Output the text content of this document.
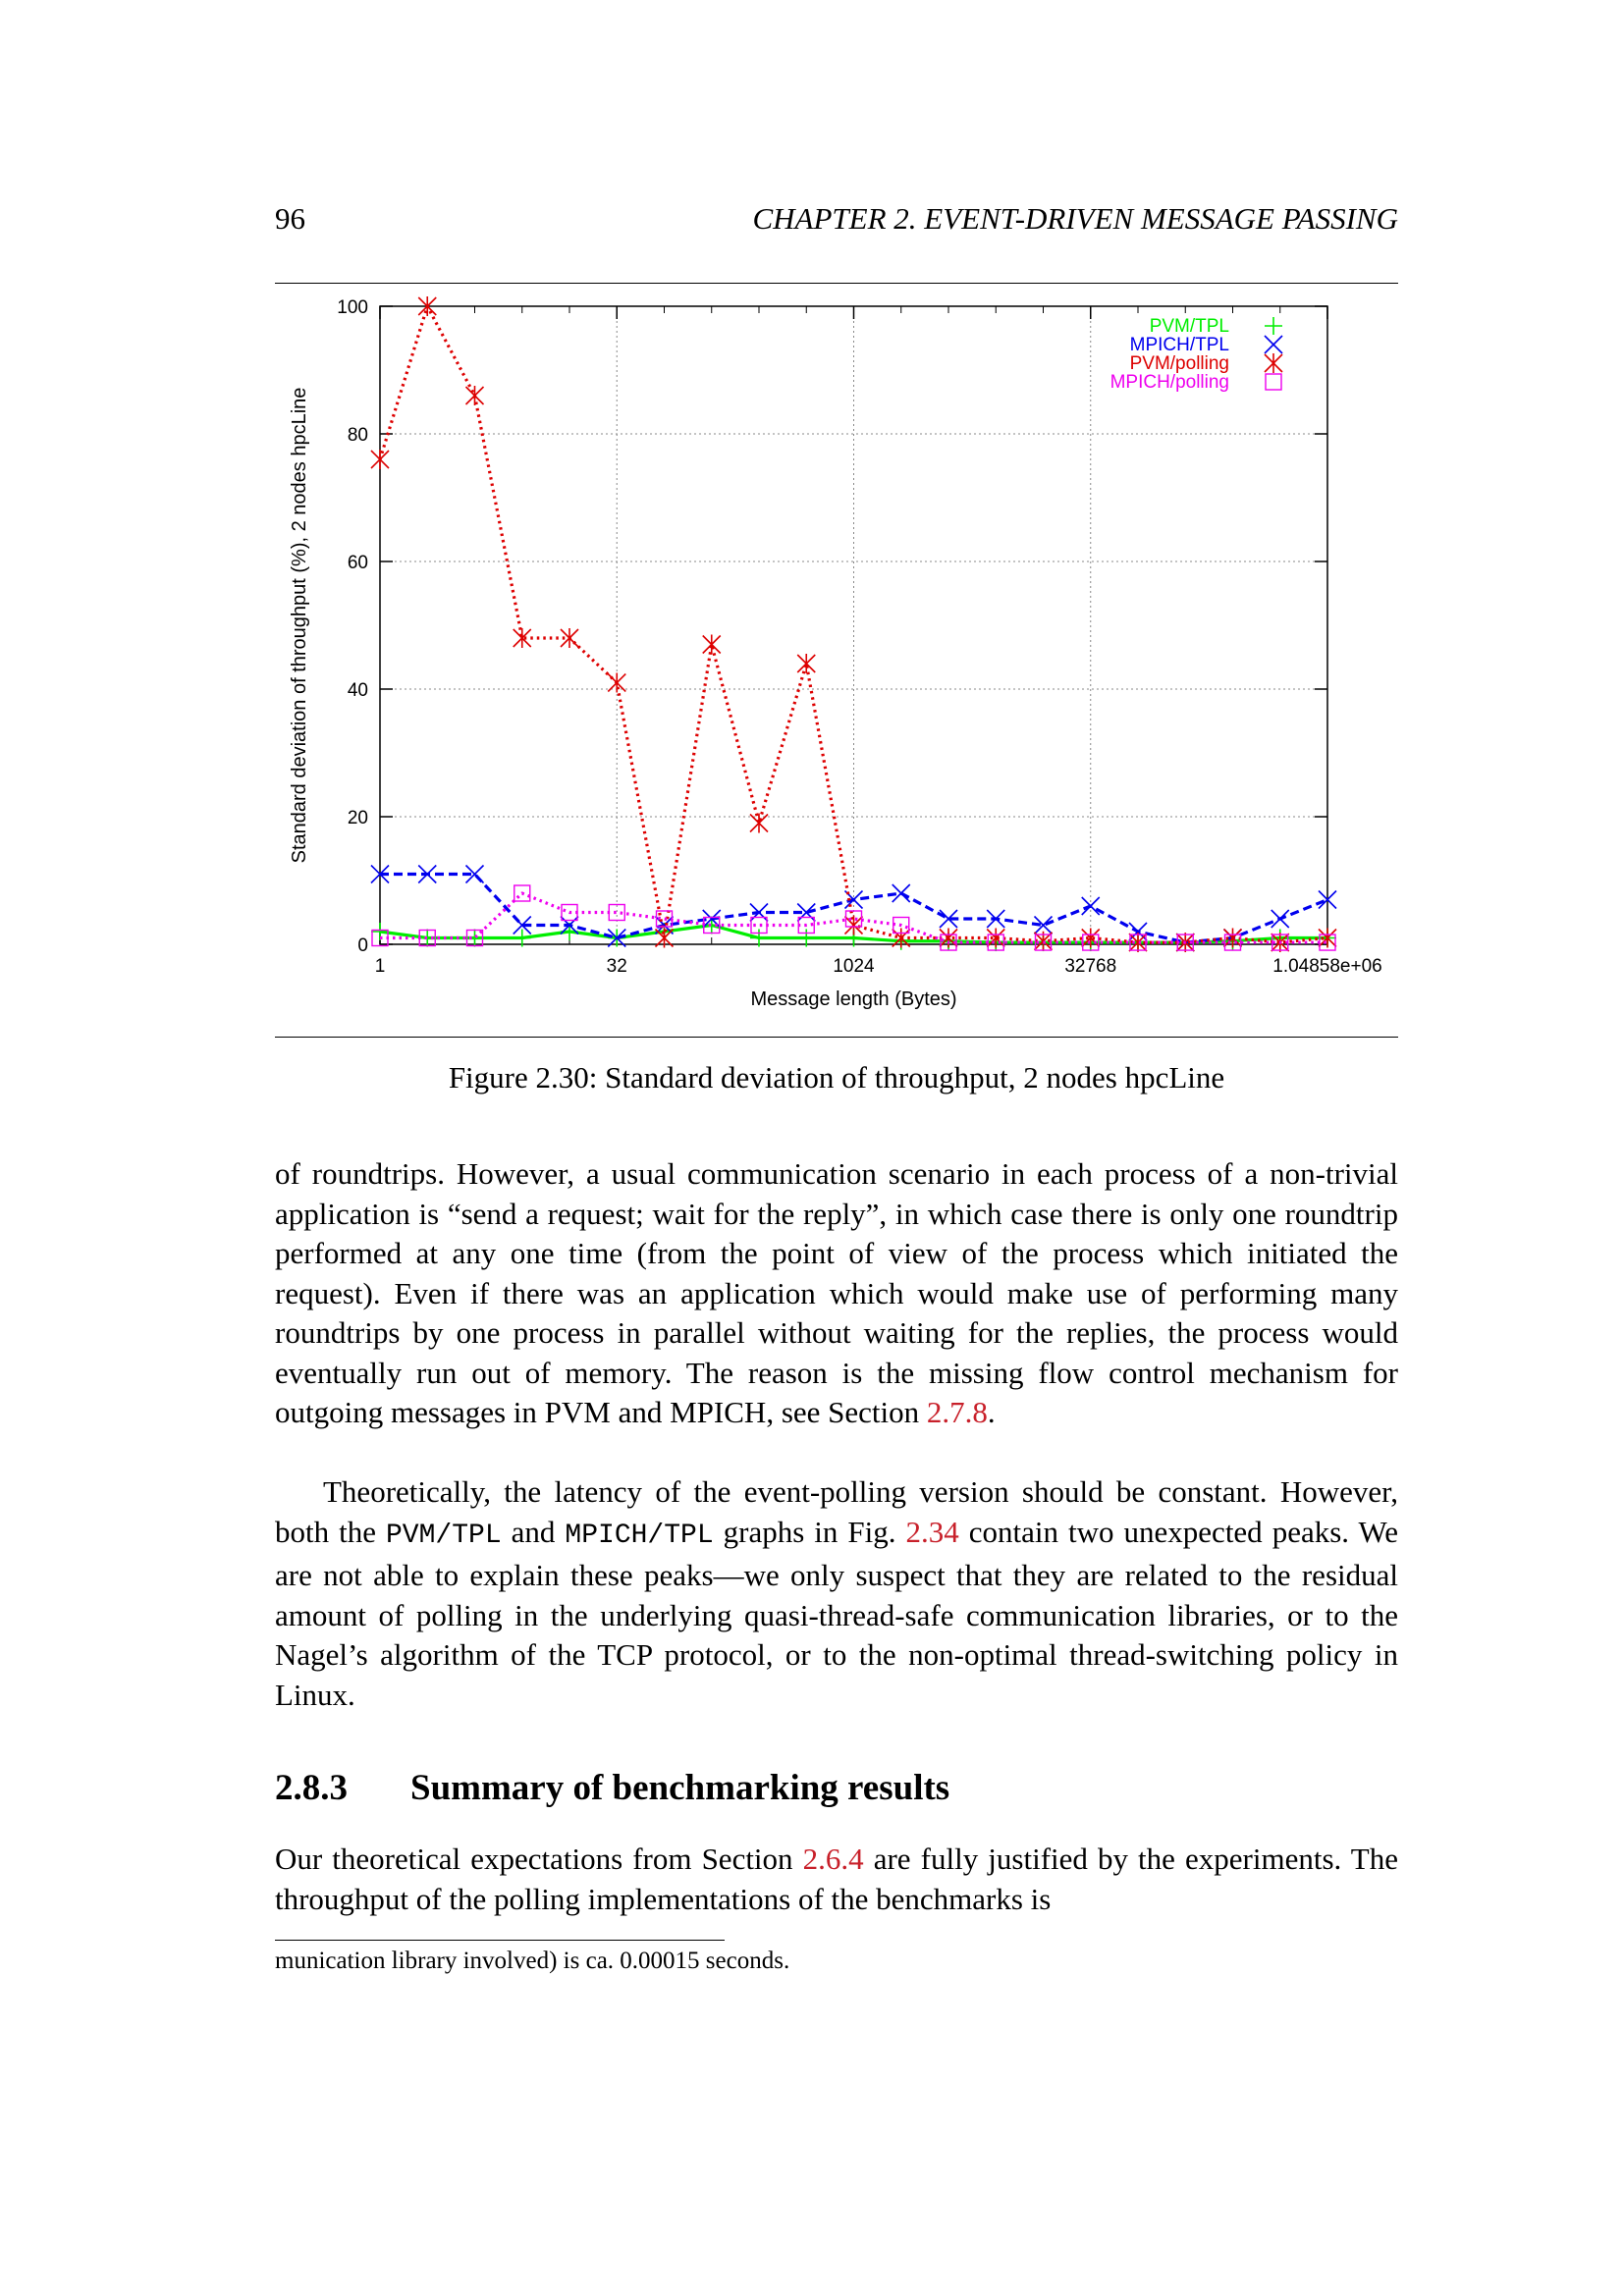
96	CHAPTER 2. EVENT-DRIVEN MESSAGE PASSING
1	32	1024	32768	1.04858e+06
0
20
40
60
80
100
Message length (Bytes)
Standard deviation of throughput (%), 2 nodes hpcLine
PVM/TPL
MPICH/TPL
PVM/polling
MPICH/polling
Figure 2.30: Standard deviation of throughput, 2 nodes hpcLine

of roundtrips. However, a usual communication scenario in each process of a non-trivial application is “send a request; wait for the reply”, in which case there is only one roundtrip performed at any one time (from the point of view of the process which initiated the request). Even if there was an application which would make use of performing many roundtrips by one process in parallel without waiting for the replies, the process would eventually run out of memory. The reason is the missing flow control mechanism for outgoing messages in PVM and MPICH, see Section 2.7.8.

Theoretically, the latency of the event-polling version should be constant. However, both the PVM/TPL and MPICH/TPL graphs in Fig. 2.34 contain two unexpected peaks. We are not able to explain these peaks—we only suspect that they are related to the residual amount of polling in the underlying quasi-thread-safe communication libraries, or to the Nagel’s algorithm of the TCP protocol, or to the non-optimal thread-switching policy in Linux.

2.8.3 Summary of benchmarking results

Our theoretical expectations from Section 2.6.4 are fully justified by the experiments. The throughput of the polling implementations of the benchmarks is

munication library involved) is ca. 0.00015 seconds.
